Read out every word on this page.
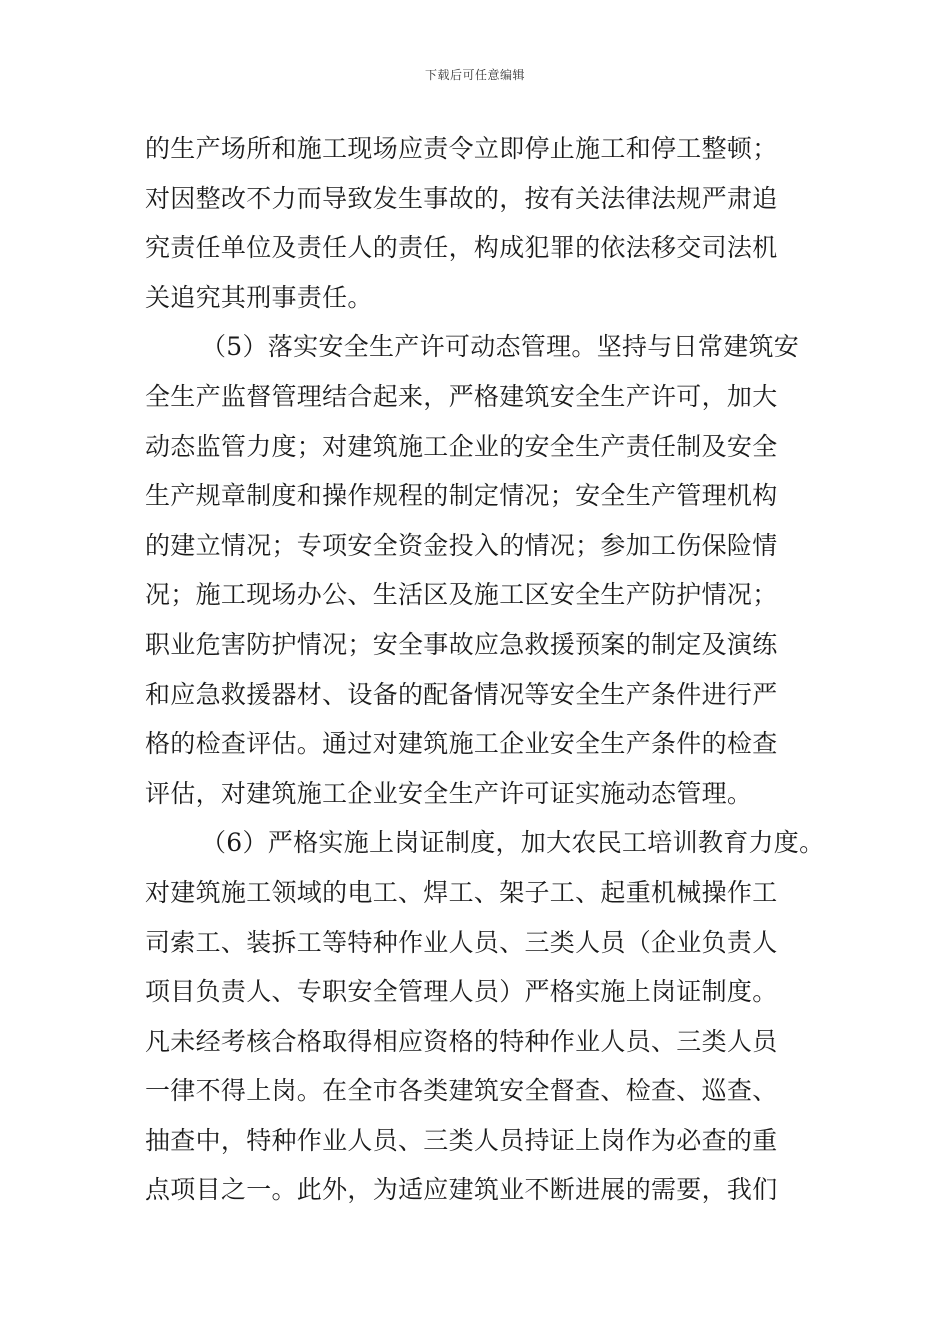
下载后可任意编辑
的生产场所和施工现场应责令立即停止施工和停工整顿；
对因整改不力而导致发生事故的，按有关法律法规严肃追
究责任单位及责任人的责任，构成犯罪的依法移交司法机
关追究其刑事责任。
（5）落实安全生产许可动态管理。坚持与日常建筑安
全生产监督管理结合起来，严格建筑安全生产许可，加大
动态监管力度；对建筑施工企业的安全生产责任制及安全
生产规章制度和操作规程的制定情况；安全生产管理机构
的建立情况；专项安全资金投入的情况；参加工伤保险情
况；施工现场办公、生活区及施工区安全生产防护情况；
职业危害防护情况；安全事故应急救援预案的制定及演练
和应急救援器材、设备的配备情况等安全生产条件进行严
格的检查评估。通过对建筑施工企业安全生产条件的检查
评估，对建筑施工企业安全生产许可证实施动态管理。
（6）严格实施上岗证制度，加大农民工培训教育力度。
对建筑施工领域的电工、焊工、架子工、起重机械操作工
司索工、装拆工等特种作业人员、三类人员（企业负责人
项目负责人、专职安全管理人员）严格实施上岗证制度。
凡未经考核合格取得相应资格的特种作业人员、三类人员
一律不得上岗。在全市各类建筑安全督查、检查、巡查、
抽查中，特种作业人员、三类人员持证上岗作为必查的重
点项目之一。此外，为适应建筑业不断进展的需要，我们
